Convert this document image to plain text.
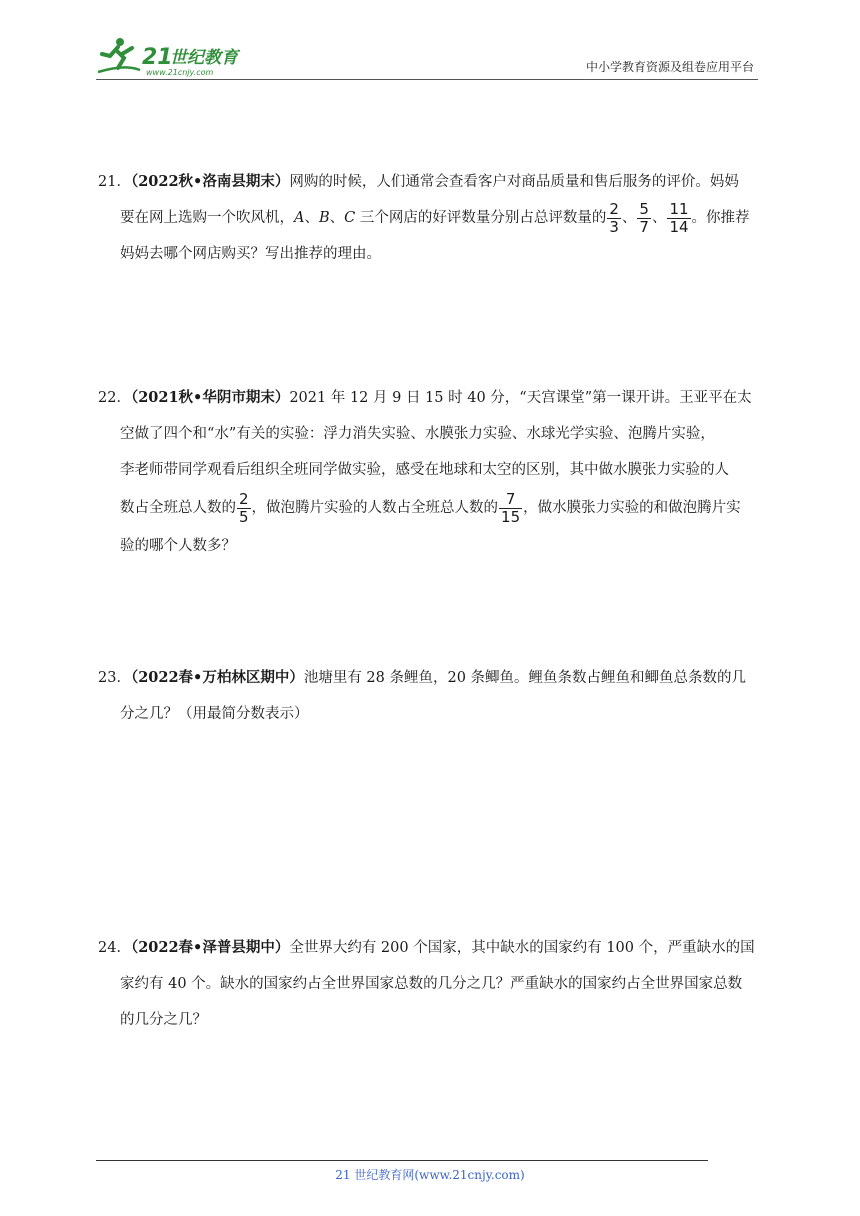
21
世纪教育
www.21cnjy.com	中小学教育资源及组卷应用平台
21．（2022秋•洛南县期末）网购的时候，人们通常会查看客户对商品质量和售后服务的评价。妈妈
要在网上选购一个吹风机，A、B、C 三个网店的好评数量分别占总评数量的 $\frac{2}{3}$ 、 $\frac{5}{7}$ 、 $\frac{11}{14}$ 。你推荐
妈妈去哪个网店购买？写出推荐的理由。
22．（2021秋•华阴市期末）2021 年 12 月 9 日 15 时 40 分，“天宫课堂”第一课开讲。王亚平在太
空做了四个和“水”有关的实验：浮力消失实验、水膜张力实验、水球光学实验、泡腾片实验，
李老师带同学观看后组织全班同学做实验，感受在地球和太空的区别，其中做水膜张力实验的人
数占全班总人数的 $\frac{2}{5}$ ，做泡腾片实验的人数占全班总人数的 $\frac{7}{15}$ ，做水膜张力实验的和做泡腾片实
验的哪个人数多？
23．（2022春•万柏林区期中）池塘里有 28 条鲤鱼，20 条鲫鱼。鲤鱼条数占鲤鱼和鲫鱼总条数的几
分之几？（用最简分数表示）
24．（2022春•泽普县期中）全世界大约有 200 个国家，其中缺水的国家约有 100 个，严重缺水的国
家约有 40 个。缺水的国家约占全世界国家总数的几分之几？严重缺水的国家约占全世界国家总数
的几分之几？
21 世纪教育网(www.21cnjy.com)
